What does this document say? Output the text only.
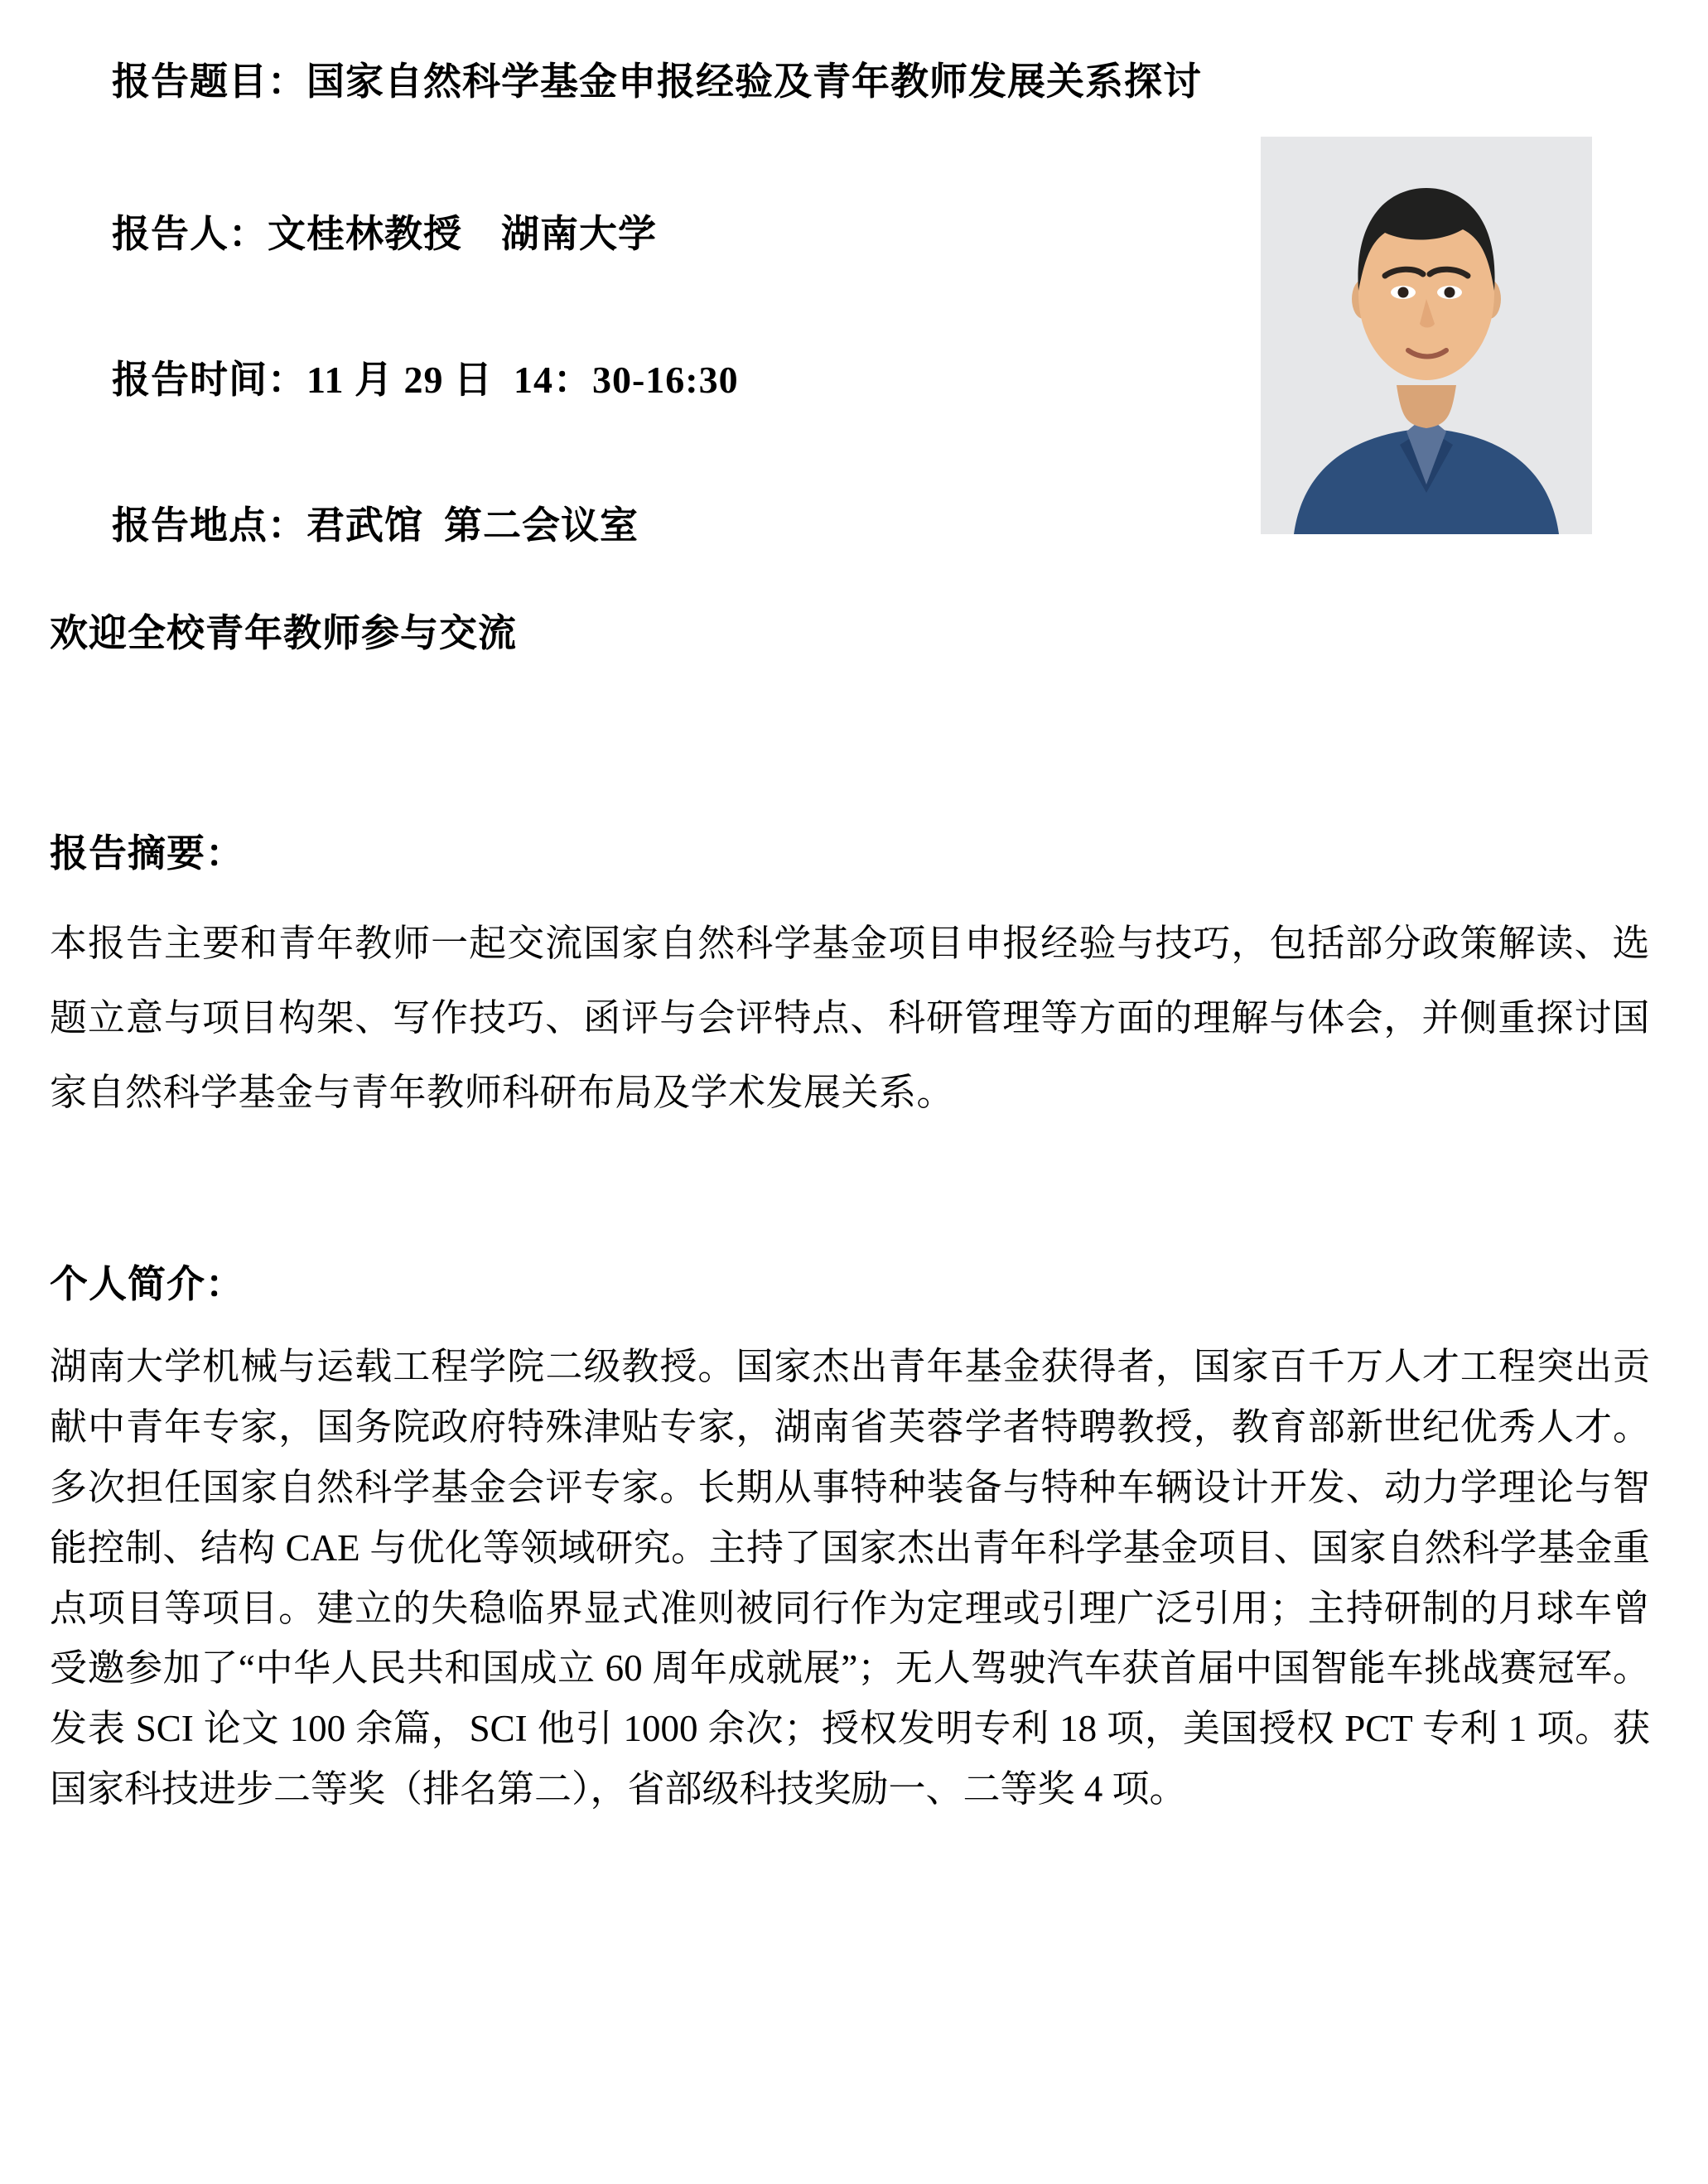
报告题目：国家自然科学基金申报经验及青年教师发展关系探讨

报告人：文桂林教授　湖南大学

报告时间：11 月 29 日  14：30-16:30

报告地点：君武馆  第二会议室

欢迎全校青年教师参与交流
报告摘要：

本报告主要和青年教师一起交流国家自然科学基金项目申报经验与技巧，包括部分政策解读、选题立意与项目构架、写作技巧、函评与会评特点、科研管理等方面的理解与体会，并侧重探讨国家自然科学基金与青年教师科研布局及学术发展关系。

个人简介：

湖南大学机械与运载工程学院二级教授。国家杰出青年基金获得者，国家百千万人才工程突出贡献中青年专家，国务院政府特殊津贴专家，湖南省芙蓉学者特聘教授，教育部新世纪优秀人才。多次担任国家自然科学基金会评专家。长期从事特种装备与特种车辆设计开发、动力学理论与智能控制、结构 CAE 与优化等领域研究。主持了国家杰出青年科学基金项目、国家自然科学基金重点项目等项目。建立的失稳临界显式准则被同行作为定理或引理广泛引用；主持研制的月球车曾受邀参加了“中华人民共和国成立 60 周年成就展”；无人驾驶汽车获首届中国智能车挑战赛冠军。发表 SCI 论文 100 余篇，SCI 他引 1000 余次；授权发明专利 18 项，美国授权 PCT 专利 1 项。获国家科技进步二等奖（排名第二），省部级科技奖励一、二等奖 4 项。
